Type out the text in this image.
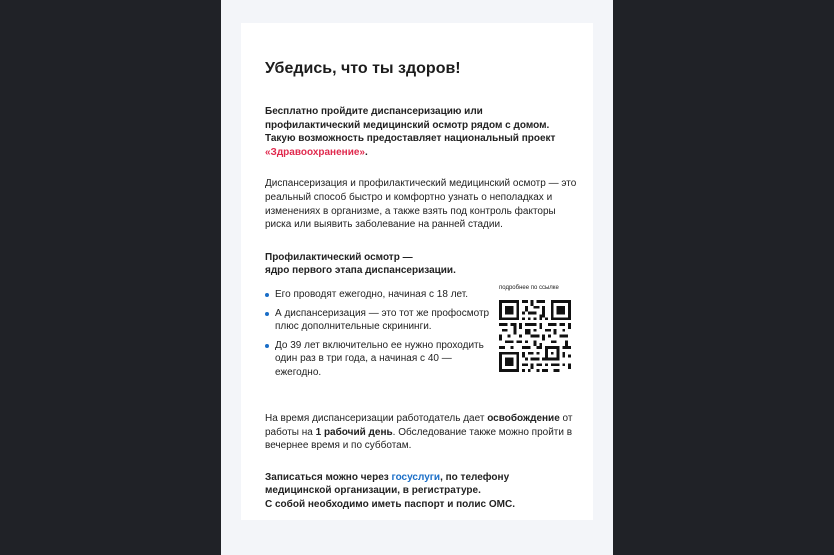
Убедись, что ты здоров!

Бесплатно пройдите диспансеризацию или профилактический медицинский осмотр рядом с домом. Такую возможность предоставляет национальный проект «Здравоохранение».

Диспансеризация и профилактический медицинский осмотр — это реальный способ быстро и комфортно узнать о неполадках и изменениях в организме, а также взять под контроль факторы риска или выявить заболевание на ранней стадии.

Профилактический осмотр —
ядро первого этапа диспансеризации.

Его проводят ежегодно, начиная с 18 лет.
А диспансеризация — это тот же профосмотр плюс дополнительные скрининги.
До 39 лет включительно ее нужно проходить один раз в три года, а начиная с 40 — ежегодно.
подробнее по ссылке

На время диспансеризации работодатель дает освобождение от работы на 1 рабочий день. Обследование также можно пройти в вечернее время и по субботам.

Записаться можно через госуслуги, по телефону медицинской организации, в регистратуре.
С собой необходимо иметь паспорт и полис ОМС.
